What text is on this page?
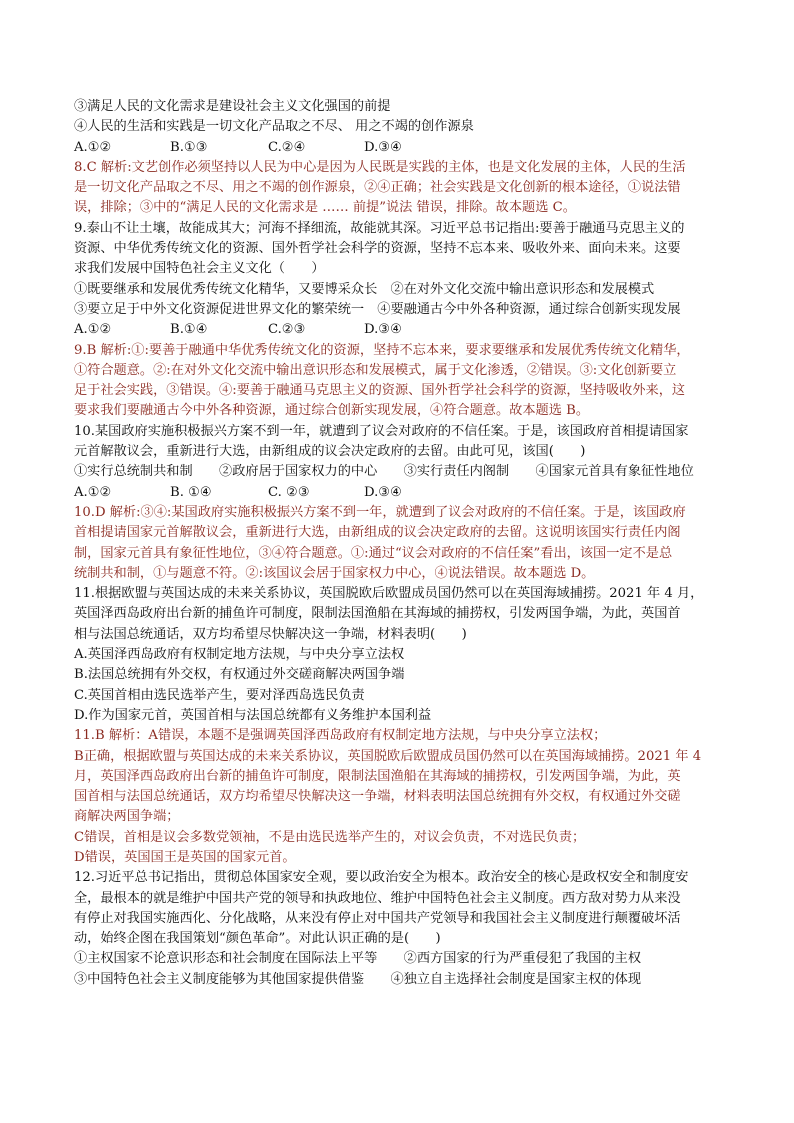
③满足人民的文化需求是建设社会主义文化强国的前提
④人民的生活和实践是一切文化产品取之不尽、 用之不竭的创作源泉
A.①②	B.①③	C.②④	D.③④
8.C 解析:文艺创作必须坚持以人民为中心是因为人民既是实践的主体，也是文化发展的主体，人民的生活
是一切文化产品取之不尽、用之不竭的创作源泉，②④正确；社会实践是文化创新的根本途径，①说法错
误，排除；③中的“满足人民的文化需求是 …… 前提”说法 错误，排除。故本题选 C。
9.泰山不让土壤，故能成其大；河海不择细流，故能就其深。习近平总书记指出:要善于融通马克思主义的
资源、中华优秀传统文化的资源、国外哲学社会科学的资源，坚持不忘本来、吸收外来、面向未来。这要
求我们发展中国特色社会主义文化（　　）
①既要继承和发展优秀传统文化精华，又要博采众长　②在对外文化交流中输出意识形态和发展模式
③要立足于中外文化资源促进世界文化的繁荣统一　④要融通古今中外各种资源，通过综合创新实现发展
A.①②	B.①④	C.②③	D.③④
9.B 解析:①:要善于融通中华优秀传统文化的资源，坚持不忘本来，要求要继承和发展优秀传统文化精华，
①符合题意。②:在对外文化交流中输出意识形态和发展模式，属于文化渗透，②错误。③:文化创新要立
足于社会实践，③错误。④:要善于融通马克思主义的资源、国外哲学社会科学的资源，坚持吸收外来，这
要求我们要融通古今中外各种资源，通过综合创新实现发展，④符合题意。故本题选 B。
10.某国政府实施积极振兴方案不到一年，就遭到了议会对政府的不信任案。于是，该国政府首相提请国家
元首解散议会，重新进行大选，由新组成的议会决定政府的去留。由此可见，该国(　　)
①实行总统制共和制　　②政府居于国家权力的中心　　③实行责任内阁制　　④国家元首具有象征性地位
A.①②	B. ①④	C. ②③	D.③④
10.D 解析:③④:某国政府实施积极振兴方案不到一年，就遭到了议会对政府的不信任案。于是，该国政府
首相提请国家元首解散议会，重新进行大选，由新组成的议会决定政府的去留。这说明该国实行责任内阁
制，国家元首具有象征性地位，③④符合题意。①:通过“议会对政府的不信任案”看出，该国一定不是总
统制共和制，①与题意不符。②:该国议会居于国家权力中心，④说法错误。故本题选 D。
11.根据欧盟与英国达成的未来关系协议，英国脱欧后欧盟成员国仍然可以在英国海域捕捞。2021 年 4 月，
英国泽西岛政府出台新的捕鱼许可制度，限制法国渔船在其海域的捕捞权，引发两国争端，为此，英国首
相与法国总统通话，双方均希望尽快解决这一争端，材料表明(　　)
A.英国泽西岛政府有权制定地方法规，与中央分享立法权
B.法国总统拥有外交权，有权通过外交磋商解决两国争端
C.英国首相由选民选举产生，要对泽西岛选民负责
D.作为国家元首，英国首相与法国总统都有义务维护本国利益
11.B 解析：A错误，本题不是强调英国泽西岛政府有权制定地方法规，与中央分享立法权；
B正确，根据欧盟与英国达成的未来关系协议，英国脱欧后欧盟成员国仍然可以在英国海域捕捞。2021 年 4
月，英国泽西岛政府出台新的捕鱼许可制度，限制法国渔船在其海域的捕捞权，引发两国争端，为此，英
国首相与法国总统通话，双方均希望尽快解决这一争端，材料表明法国总统拥有外交权，有权通过外交磋
商解决两国争端；
C错误，首相是议会多数党领袖，不是由选民选举产生的，对议会负责，不对选民负责；
D错误，英国国王是英国的国家元首。
12.习近平总书记指出，贯彻总体国家安全观，要以政治安全为根本。政治安全的核心是政权安全和制度安
全，最根本的就是维护中国共产党的领导和执政地位、维护中国特色社会主义制度。西方敌对势力从来没
有停止对我国实施西化、分化战略，从来没有停止对中国共产党领导和我国社会主义制度进行颠覆破坏活
动，始终企图在我国策划“颜色革命”。对此认识正确的是(　　)
①主权国家不论意识形态和社会制度在国际法上平等　　②西方国家的行为严重侵犯了我国的主权
③中国特色社会主义制度能够为其他国家提供借鉴　　④独立自主选择社会制度是国家主权的体现
